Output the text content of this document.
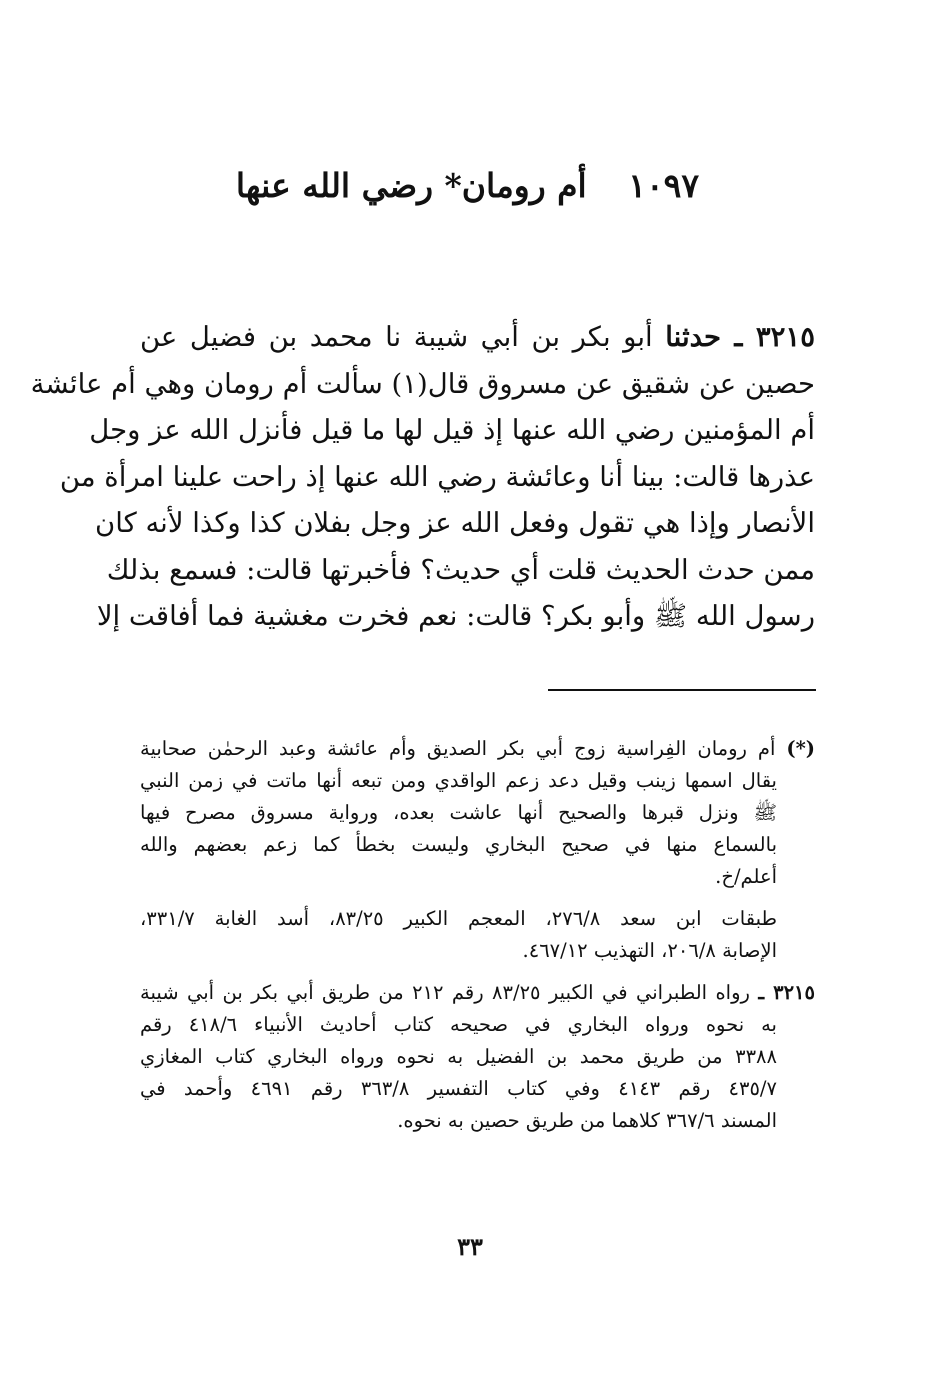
١٠٩٧ أم رومان* رضي الله عنها
٣٢١٥ ـ حدثنا أبو بكر بن أبي شيبة نا محمد بن فضيل عن
حصين عن شقيق عن مسروق قال(١) سألت أم رومان وهي أم عائشة
أم المؤمنين رضي الله عنها إذ قيل لها ما قيل فأنزل الله عز وجل
عذرها قالت: بينا أنا وعائشة رضي الله عنها إذ راحت علينا امرأة من
الأنصار وإذا هي تقول وفعل الله عز وجل بفلان كذا وكذا لأنه كان
ممن حدث الحديث قلت أي حديث؟ فأخبرتها قالت: فسمع بذلك
رسول الله ﷺ وأبو بكر؟ قالت: نعم فخرت مغشية فما أفاقت إلا
(*) أم رومان الفِراسية زوج أبي بكر الصديق وأم عائشة وعبد الرحمٰن صحابية
يقال اسمها زينب وقيل دعد زعم الواقدي ومن تبعه أنها ماتت في زمن النبي
ﷺ ونزل قبرها والصحيح أنها عاشت بعده، ورواية مسروق مصرح فيها
بالسماع منها في صحيح البخاري وليست بخطأ كما زعم بعضهم والله
أعلم/خ.
طبقات ابن سعد ٢٧٦/٨، المعجم الكبير ٨٣/٢٥، أسد الغابة ٣٣١/٧،
الإصابة ٢٠٦/٨، التهذيب ٤٦٧/١٢.
٣٢١٥ ـ رواه الطبراني في الكبير ٨٣/٢٥ رقم ٢١٢ من طريق أبي بكر بن أبي شيبة
به نحوه ورواه البخاري في صحيحه كتاب أحاديث الأنبياء ٤١٨/٦ رقم
٣٣٨٨ من طريق محمد بن الفضيل به نحوه ورواه البخاري كتاب المغازي
٤٣٥/٧ رقم ٤١٤٣ وفي كتاب التفسير ٣٦٣/٨ رقم ٤٦٩١ وأحمد في
المسند ٣٦٧/٦ كلاهما من طريق حصين به نحوه.
٣٣
